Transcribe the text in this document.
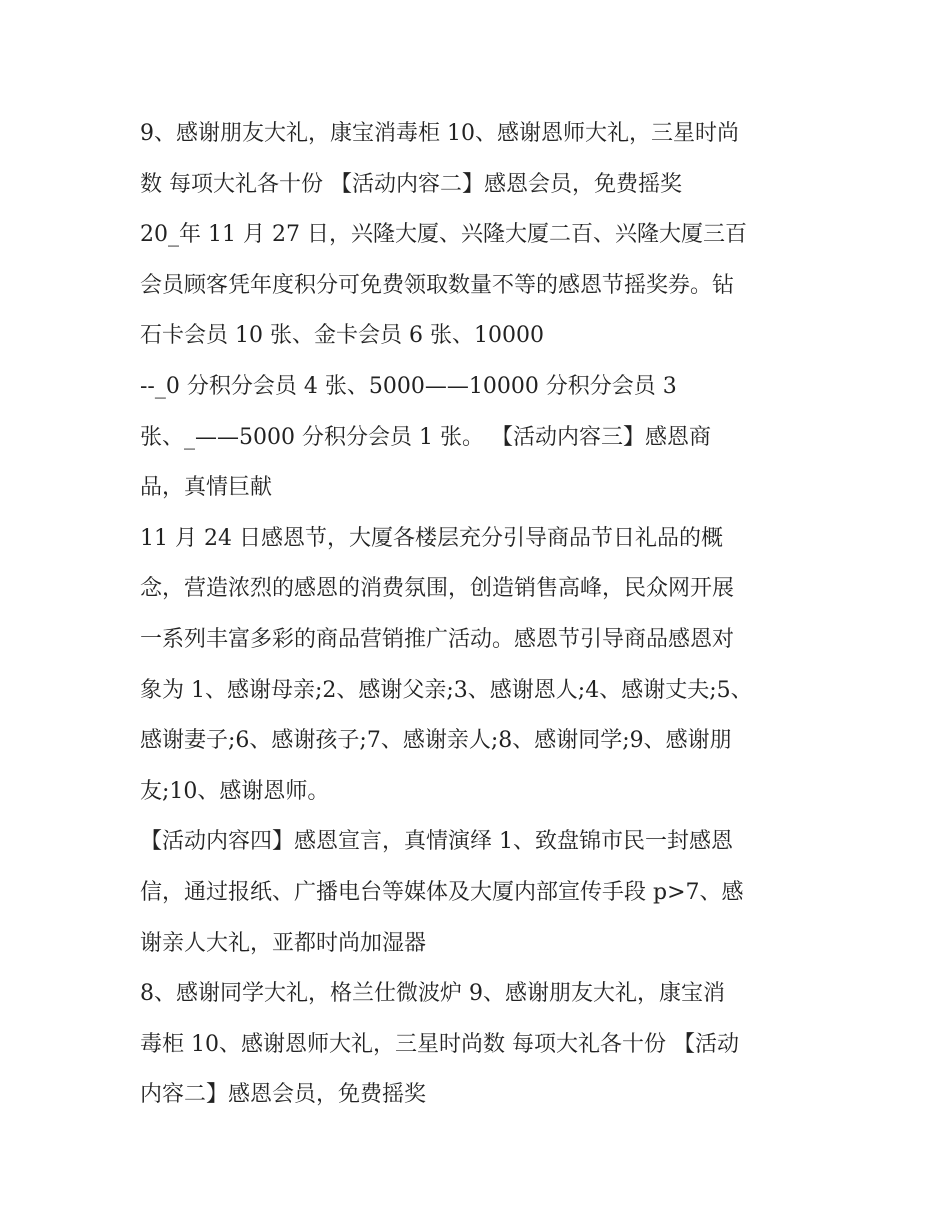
9、感谢朋友大礼，康宝消毒柜 10、感谢恩师大礼，三星时尚
数 每项大礼各十份 【活动内容二】感恩会员，免费摇奖
20_年 11 月 27 日，兴隆大厦、兴隆大厦二百、兴隆大厦三百
会员顾客凭年度积分可免费领取数量不等的感恩节摇奖券。钻
石卡会员 10 张、金卡会员 6 张、10000
--_0 分积分会员 4 张、5000——10000 分积分会员 3
张、_——5000 分积分会员 1 张。 【活动内容三】感恩商
品，真情巨献
11 月 24 日感恩节，大厦各楼层充分引导商品节日礼品的概
念，营造浓烈的感恩的消费氛围，创造销售高峰，民众网开展
一系列丰富多彩的商品营销推广活动。感恩节引导商品感恩对
象为 1、感谢母亲;2、感谢父亲;3、感谢恩人;4、感谢丈夫;5、
感谢妻子;6、感谢孩子;7、感谢亲人;8、感谢同学;9、感谢朋
友;10、感谢恩师。
【活动内容四】感恩宣言，真情演绎 1、致盘锦市民一封感恩
信，通过报纸、广播电台等媒体及大厦内部宣传手段 p>7、感
谢亲人大礼，亚都时尚加湿器
8、感谢同学大礼，格兰仕微波炉 9、感谢朋友大礼，康宝消
毒柜 10、感谢恩师大礼，三星时尚数 每项大礼各十份 【活动
内容二】感恩会员，免费摇奖
